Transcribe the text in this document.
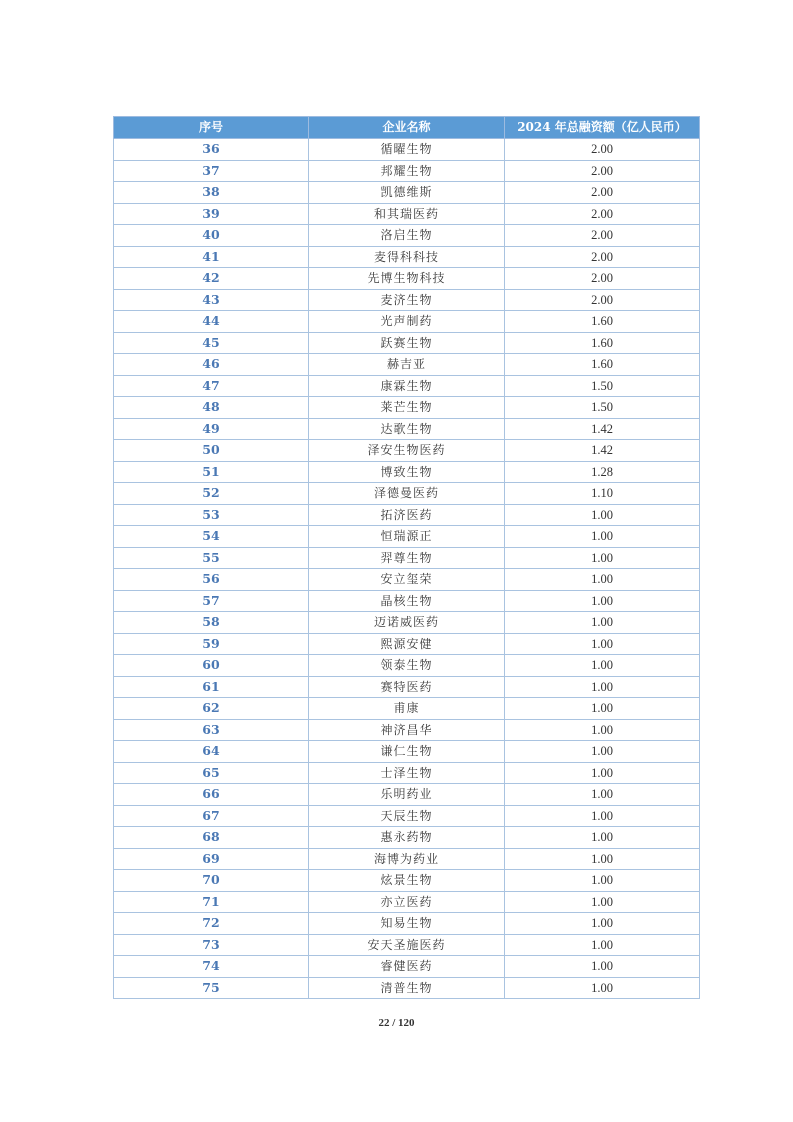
序号	企业名称	2024 年总融资额（亿人民币）
36	循曜生物	2.00
37	邦耀生物	2.00
38	凯德维斯	2.00
39	和其瑞医药	2.00
40	洛启生物	2.00
41	麦得科科技	2.00
42	先博生物科技	2.00
43	麦济生物	2.00
44	光声制药	1.60
45	跃赛生物	1.60
46	赫吉亚	1.60
47	康霖生物	1.50
48	莱芒生物	1.50
49	达歌生物	1.42
50	泽安生物医药	1.42
51	博致生物	1.28
52	泽德曼医药	1.10
53	拓济医药	1.00
54	恒瑞源正	1.00
55	羿尊生物	1.00
56	安立玺荣	1.00
57	晶核生物	1.00
58	迈诺威医药	1.00
59	熙源安健	1.00
60	领泰生物	1.00
61	赛特医药	1.00
62	甫康	1.00
63	神济昌华	1.00
64	谦仁生物	1.00
65	士泽生物	1.00
66	乐明药业	1.00
67	天辰生物	1.00
68	惠永药物	1.00
69	海博为药业	1.00
70	炫景生物	1.00
71	亦立医药	1.00
72	知易生物	1.00
73	安天圣施医药	1.00
74	睿健医药	1.00
75	清普生物	1.00
22 / 120
